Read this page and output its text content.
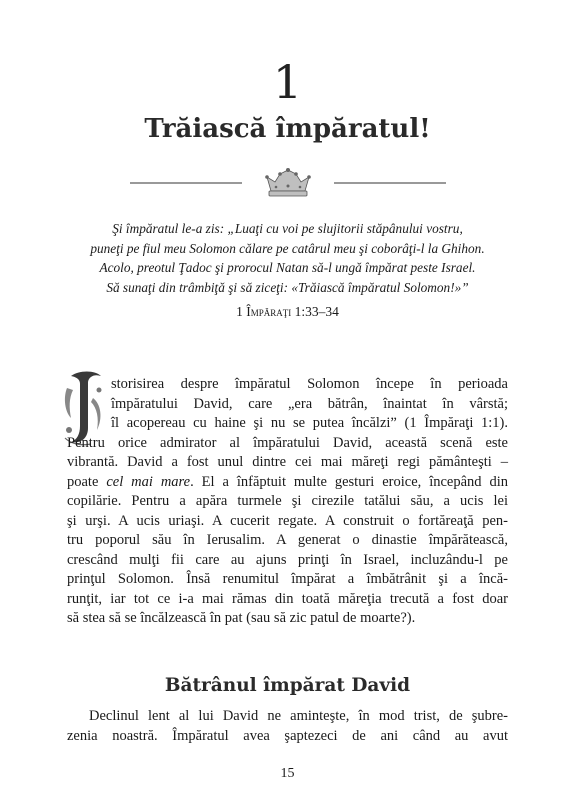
1
Trăiască împăratul!
Şi împăratul le-a zis: „Luaţi cu voi pe slujitorii stăpânului vostru,
puneţi pe fiul meu Solomon călare pe catârul meu şi coborâţi-l la Ghihon.
Acolo, preotul Ţadoc şi prorocul Natan să-l ungă împărat peste Israel.
Să sunaţi din trâmbiţă şi să ziceţi: «Trăiască împăratul Solomon!»”
1 Împăraţi 1:33–34
storisirea despre împăratul Solomon începe în perioada
împăratului David, care „era bătrân, înaintat în vârstă;
îl acopereau cu haine şi nu se putea încălzi” (1 Împăraţi 1:1).
Pentru orice admirator al împăratului David, această scenă este
vibrantă. David a fost unul dintre cei mai măreţi regi pământeşti –
poate cel mai mare. El a înfăptuit multe gesturi eroice, începând din
copilărie. Pentru a apăra turmele şi cirezile tatălui său, a ucis lei
şi urşi. A ucis uriaşi. A cucerit regate. A construit o fortăreaţă pen-
tru poporul său în Ierusalim. A generat o dinastie împărătească,
crescând mulţi fii care au ajuns prinţi în Israel, incluzându-l pe
prinţul Solomon. Însă renumitul împărat a îmbătrânit şi a încă-
runţit, iar tot ce i-a mai rămas din toată măreţia trecută a fost doar
să stea să se încălzească în pat (sau să zic patul de moarte?).
Bătrânul împărat David
Declinul lent al lui David ne aminteşte, în mod trist, de şubre-
zenia noastră. Împăratul avea şaptezeci de ani când au avut
15
